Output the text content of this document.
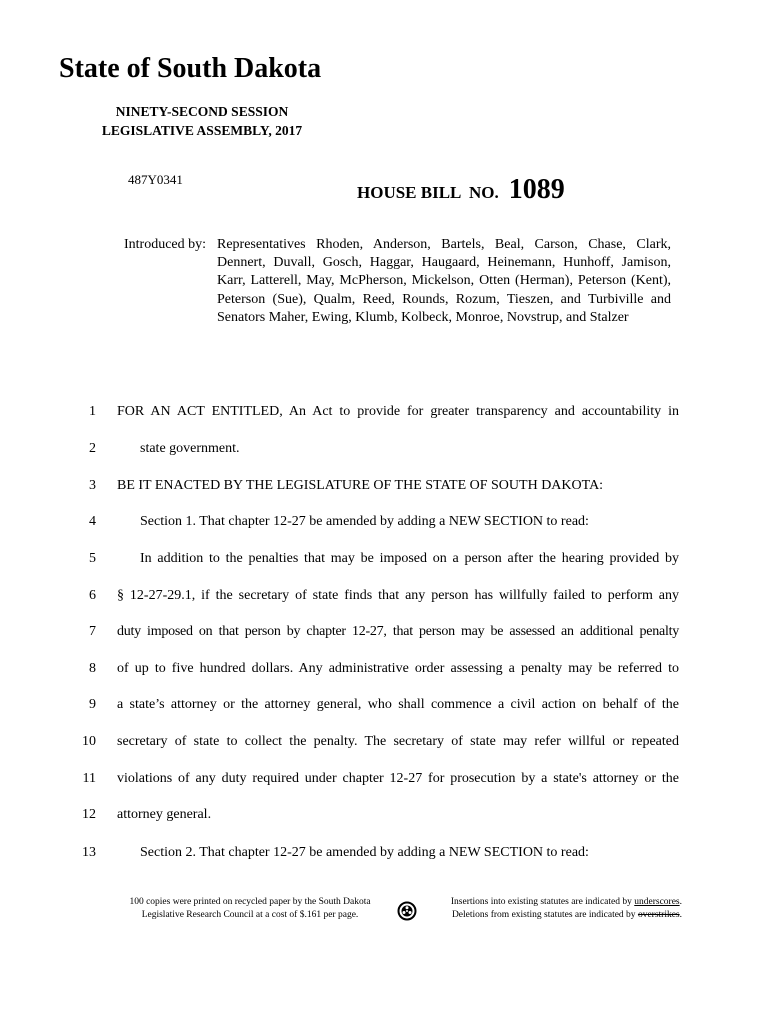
State of South Dakota
NINETY-SECOND SESSION
LEGISLATIVE ASSEMBLY, 2017
487Y0341
HOUSE BILL  NO. 1089
Introduced by: Representatives Rhoden, Anderson, Bartels, Beal, Carson, Chase, Clark, Dennert, Duvall, Gosch, Haggar, Haugaard, Heinemann, Hunhoff, Jamison, Karr, Latterell, May, McPherson, Mickelson, Otten (Herman), Peterson (Kent), Peterson (Sue), Qualm, Reed, Rounds, Rozum, Tieszen, and Turbiville and Senators Maher, Ewing, Klumb, Kolbeck, Monroe, Novstrup, and Stalzer
1 FOR AN ACT ENTITLED, An Act to provide for greater transparency and accountability in
2	state government.
3 BE IT ENACTED BY THE LEGISLATURE OF THE STATE OF SOUTH DAKOTA:
4	Section 1. That chapter 12-27 be amended by adding a NEW SECTION to read:
5	In addition to the penalties that may be imposed on a person after the hearing provided by
6 § 12-27-29.1, if the secretary of state finds that any person has willfully failed to perform any
7 duty imposed on that person by chapter 12-27, that person may be assessed an additional penalty
8 of up to five hundred dollars. Any administrative order assessing a penalty may be referred to
9 a state’s attorney or the attorney general, who shall commence a civil action on behalf of the
10 secretary of state to collect the penalty. The secretary of state may refer willful or repeated
11 violations of any duty required under chapter 12-27 for prosecution by a state's attorney or the
12 attorney general.
13	Section 2. That chapter 12-27 be amended by adding a NEW SECTION to read:
100 copies were printed on recycled paper by the South Dakota
Legislative Research Council at a cost of $.161 per page.
Insertions into existing statutes are indicated by underscores.
Deletions from existing statutes are indicated by overstrikes.
